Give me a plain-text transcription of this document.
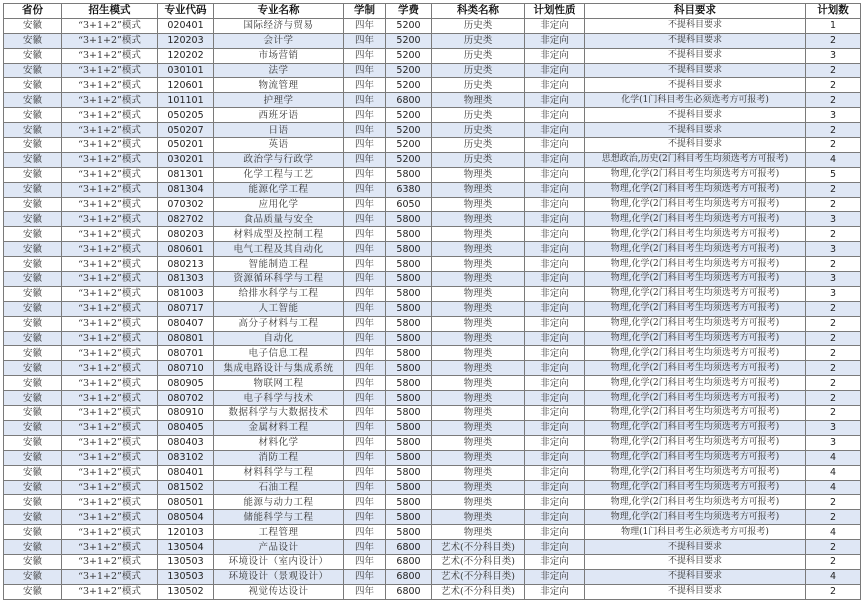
省份	招生模式	专业代码	专业名称	学制	学费	科类名称	计划性质	科目要求	计划数
安徽	“3+1+2”模式	020401	国际经济与贸易	四年	5200	历史类	非定向	不提科目要求	1
安徽	“3+1+2”模式	120203	会计学	四年	5200	历史类	非定向	不提科目要求	2
安徽	“3+1+2”模式	120202	市场营销	四年	5200	历史类	非定向	不提科目要求	3
安徽	“3+1+2”模式	030101	法学	四年	5200	历史类	非定向	不提科目要求	2
安徽	“3+1+2”模式	120601	物流管理	四年	5200	历史类	非定向	不提科目要求	2
安徽	“3+1+2”模式	101101	护理学	四年	6800	物理类	非定向	化学(1门科目考生必须选考方可报考)	2
安徽	“3+1+2”模式	050205	西班牙语	四年	5200	历史类	非定向	不提科目要求	3
安徽	“3+1+2”模式	050207	日语	四年	5200	历史类	非定向	不提科目要求	2
安徽	“3+1+2”模式	050201	英语	四年	5200	历史类	非定向	不提科目要求	2
安徽	“3+1+2”模式	030201	政治学与行政学	四年	5200	历史类	非定向	思想政治,历史(2门科目考生均须选考方可报考)	4
安徽	“3+1+2”模式	081301	化学工程与工艺	四年	5800	物理类	非定向	物理,化学(2门科目考生均须选考方可报考)	5
安徽	“3+1+2”模式	081304	能源化学工程	四年	6380	物理类	非定向	物理,化学(2门科目考生均须选考方可报考)	2
安徽	“3+1+2”模式	070302	应用化学	四年	6050	物理类	非定向	物理,化学(2门科目考生均须选考方可报考)	2
安徽	“3+1+2”模式	082702	食品质量与安全	四年	5800	物理类	非定向	物理,化学(2门科目考生均须选考方可报考)	3
安徽	“3+1+2”模式	080203	材料成型及控制工程	四年	5800	物理类	非定向	物理,化学(2门科目考生均须选考方可报考)	2
安徽	“3+1+2”模式	080601	电气工程及其自动化	四年	5800	物理类	非定向	物理,化学(2门科目考生均须选考方可报考)	3
安徽	“3+1+2”模式	080213	智能制造工程	四年	5800	物理类	非定向	物理,化学(2门科目考生均须选考方可报考)	2
安徽	“3+1+2”模式	081303	资源循环科学与工程	四年	5800	物理类	非定向	物理,化学(2门科目考生均须选考方可报考)	3
安徽	“3+1+2”模式	081003	给排水科学与工程	四年	5800	物理类	非定向	物理,化学(2门科目考生均须选考方可报考)	3
安徽	“3+1+2”模式	080717	人工智能	四年	5800	物理类	非定向	物理,化学(2门科目考生均须选考方可报考)	2
安徽	“3+1+2”模式	080407	高分子材料与工程	四年	5800	物理类	非定向	物理,化学(2门科目考生均须选考方可报考)	2
安徽	“3+1+2”模式	080801	自动化	四年	5800	物理类	非定向	物理,化学(2门科目考生均须选考方可报考)	2
安徽	“3+1+2”模式	080701	电子信息工程	四年	5800	物理类	非定向	物理,化学(2门科目考生均须选考方可报考)	2
安徽	“3+1+2”模式	080710	集成电路设计与集成系统	四年	5800	物理类	非定向	物理,化学(2门科目考生均须选考方可报考)	2
安徽	“3+1+2”模式	080905	物联网工程	四年	5800	物理类	非定向	物理,化学(2门科目考生均须选考方可报考)	2
安徽	“3+1+2”模式	080702	电子科学与技术	四年	5800	物理类	非定向	物理,化学(2门科目考生均须选考方可报考)	2
安徽	“3+1+2”模式	080910	数据科学与大数据技术	四年	5800	物理类	非定向	物理,化学(2门科目考生均须选考方可报考)	2
安徽	“3+1+2”模式	080405	金属材料工程	四年	5800	物理类	非定向	物理,化学(2门科目考生均须选考方可报考)	3
安徽	“3+1+2”模式	080403	材料化学	四年	5800	物理类	非定向	物理,化学(2门科目考生均须选考方可报考)	3
安徽	“3+1+2”模式	083102	消防工程	四年	5800	物理类	非定向	物理,化学(2门科目考生均须选考方可报考)	4
安徽	“3+1+2”模式	080401	材料科学与工程	四年	5800	物理类	非定向	物理,化学(2门科目考生均须选考方可报考)	4
安徽	“3+1+2”模式	081502	石油工程	四年	5800	物理类	非定向	物理,化学(2门科目考生均须选考方可报考)	4
安徽	“3+1+2”模式	080501	能源与动力工程	四年	5800	物理类	非定向	物理,化学(2门科目考生均须选考方可报考)	2
安徽	“3+1+2”模式	080504	储能科学与工程	四年	5800	物理类	非定向	物理,化学(2门科目考生均须选考方可报考)	2
安徽	“3+1+2”模式	120103	工程管理	四年	5800	物理类	非定向	物理(1门科目考生必须选考方可报考)	4
安徽	“3+1+2”模式	130504	产品设计	四年	6800	艺术(不分科目类)	非定向	不提科目要求	2
安徽	“3+1+2”模式	130503	环境设计（室内设计）	四年	6800	艺术(不分科目类)	非定向	不提科目要求	2
安徽	“3+1+2”模式	130503	环境设计（景观设计）	四年	6800	艺术(不分科目类)	非定向	不提科目要求	4
安徽	“3+1+2”模式	130502	视觉传达设计	四年	6800	艺术(不分科目类)	非定向	不提科目要求	2
